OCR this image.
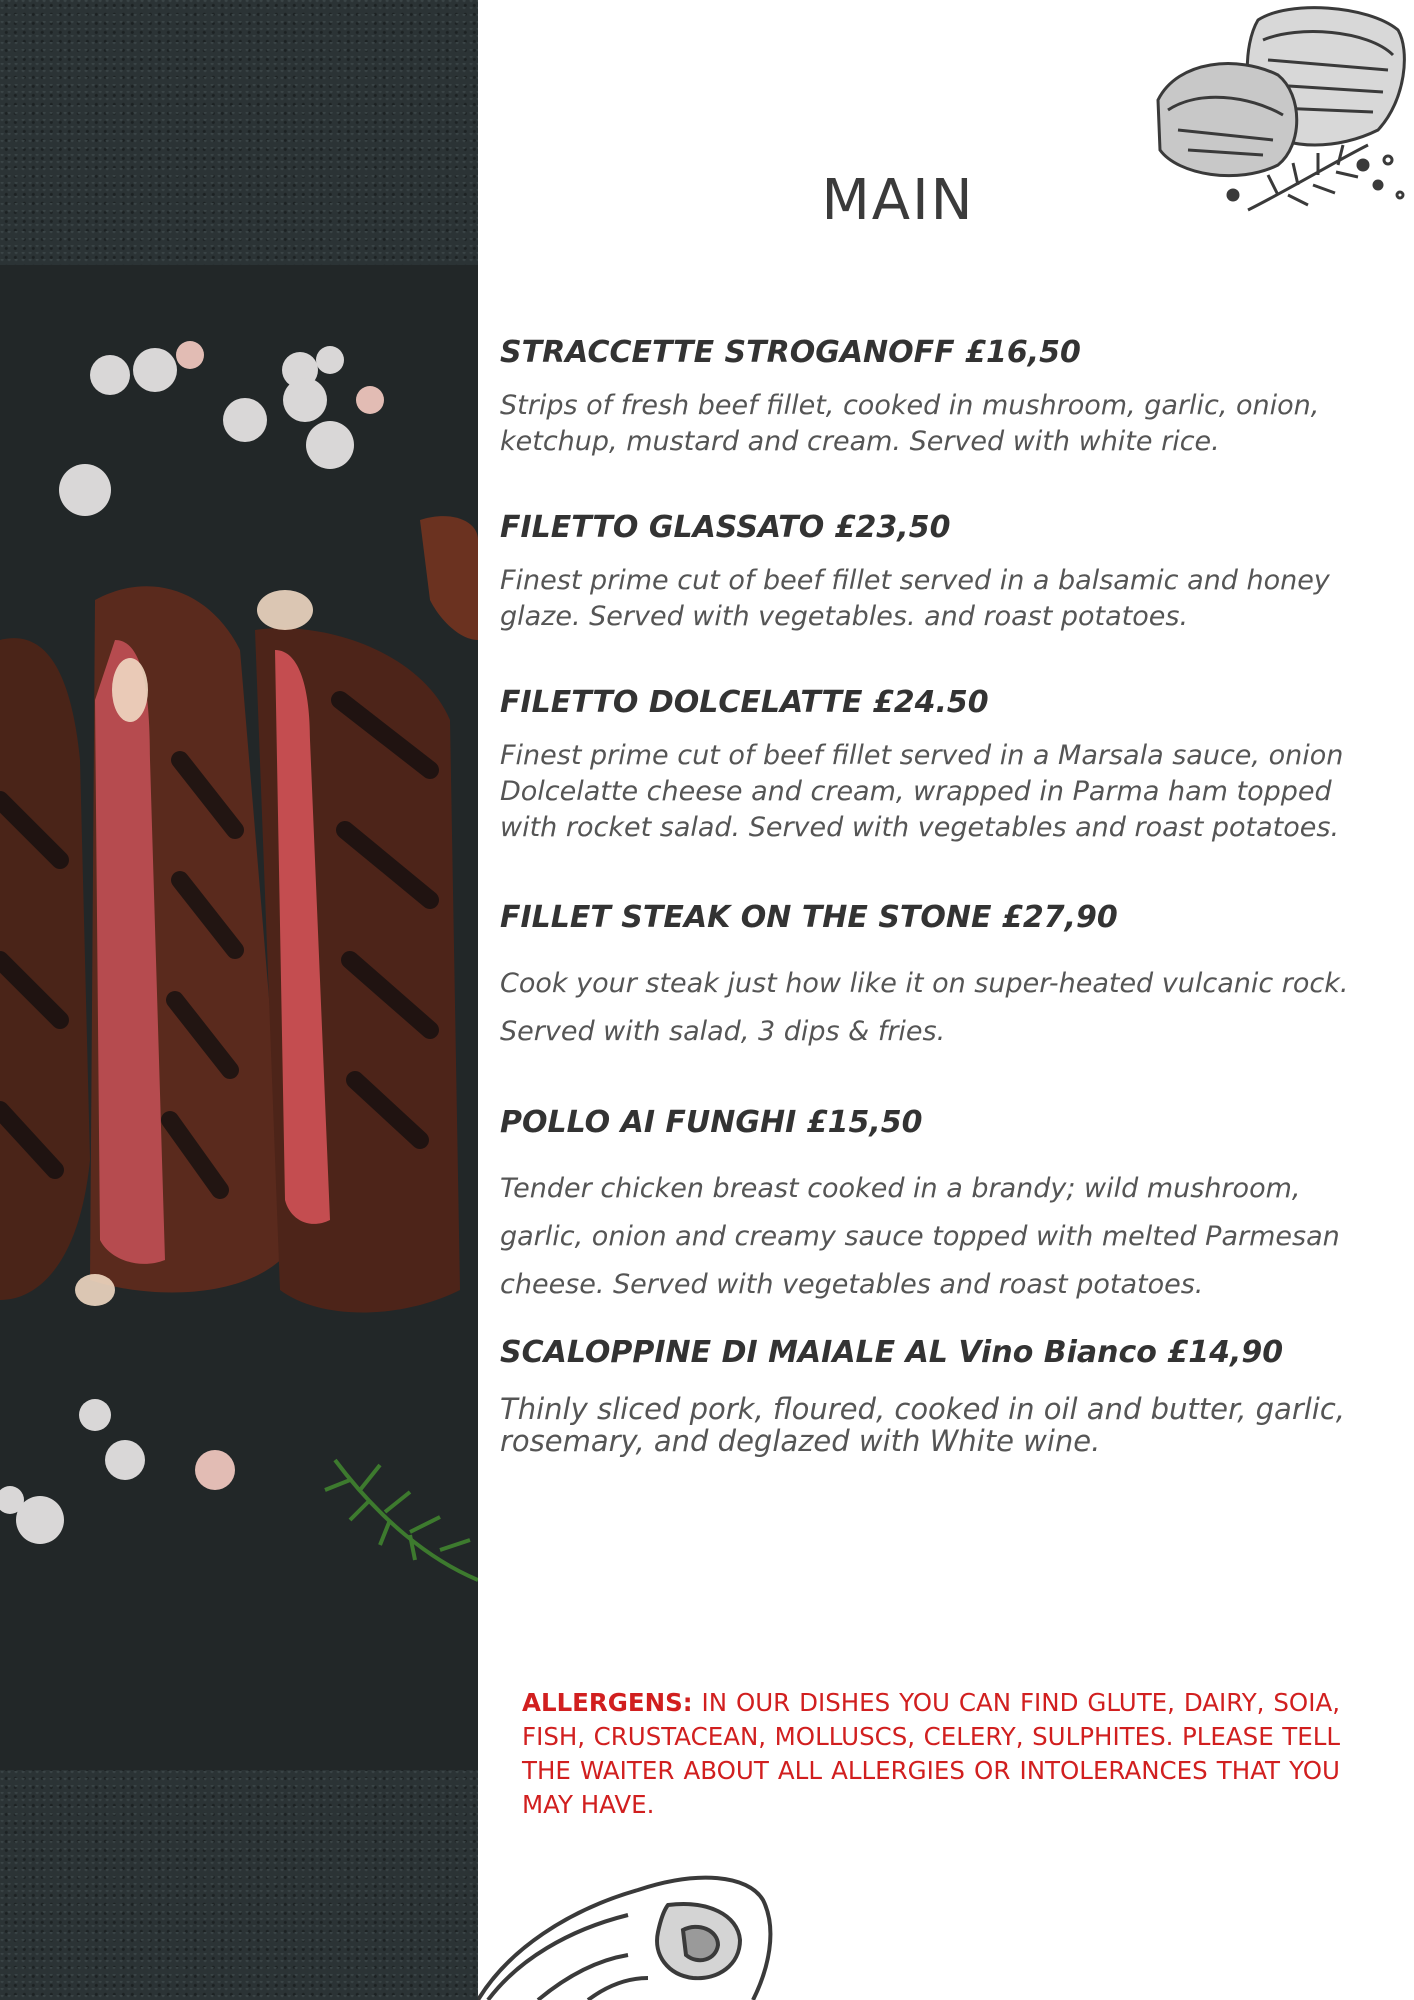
MAIN
STRACCETTE STROGANOFF £16,50
Strips of fresh beef fillet, cooked in mushroom, garlic, onion,
ketchup, mustard and cream. Served with white rice.
FILETTO GLASSATO £23,50
Finest prime cut of beef fillet served in a balsamic and honey
glaze. Served with vegetables. and roast potatoes.
FILETTO DOLCELATTE £24.50
Finest prime cut of beef fillet served in a Marsala sauce, onion
Dolcelatte cheese and cream, wrapped in Parma ham topped
with rocket salad. Served with vegetables and roast potatoes.
FILLET STEAK ON THE STONE £27,90
Cook your steak just how like it on super-heated vulcanic rock.
Served with salad, 3 dips & fries.
POLLO AI FUNGHI £15,50
Tender chicken breast cooked in a brandy; wild mushroom,
garlic, onion and creamy sauce topped with melted Parmesan
cheese. Served with vegetables and roast potatoes.
SCALOPPINE DI MAIALE AL Vino Bianco £14,90
Thinly sliced pork, floured, cooked in oil and butter, garlic,
rosemary, and deglazed with White wine.
ALLERGENS: IN OUR DISHES YOU CAN FIND GLUTE, DAIRY, SOIA, FISH, CRUSTACEAN, MOLLUSCS, CELERY, SULPHITES. PLEASE TELL THE WAITER ABOUT ALL ALLERGIES OR INTOLERANCES THAT YOU MAY HAVE.
